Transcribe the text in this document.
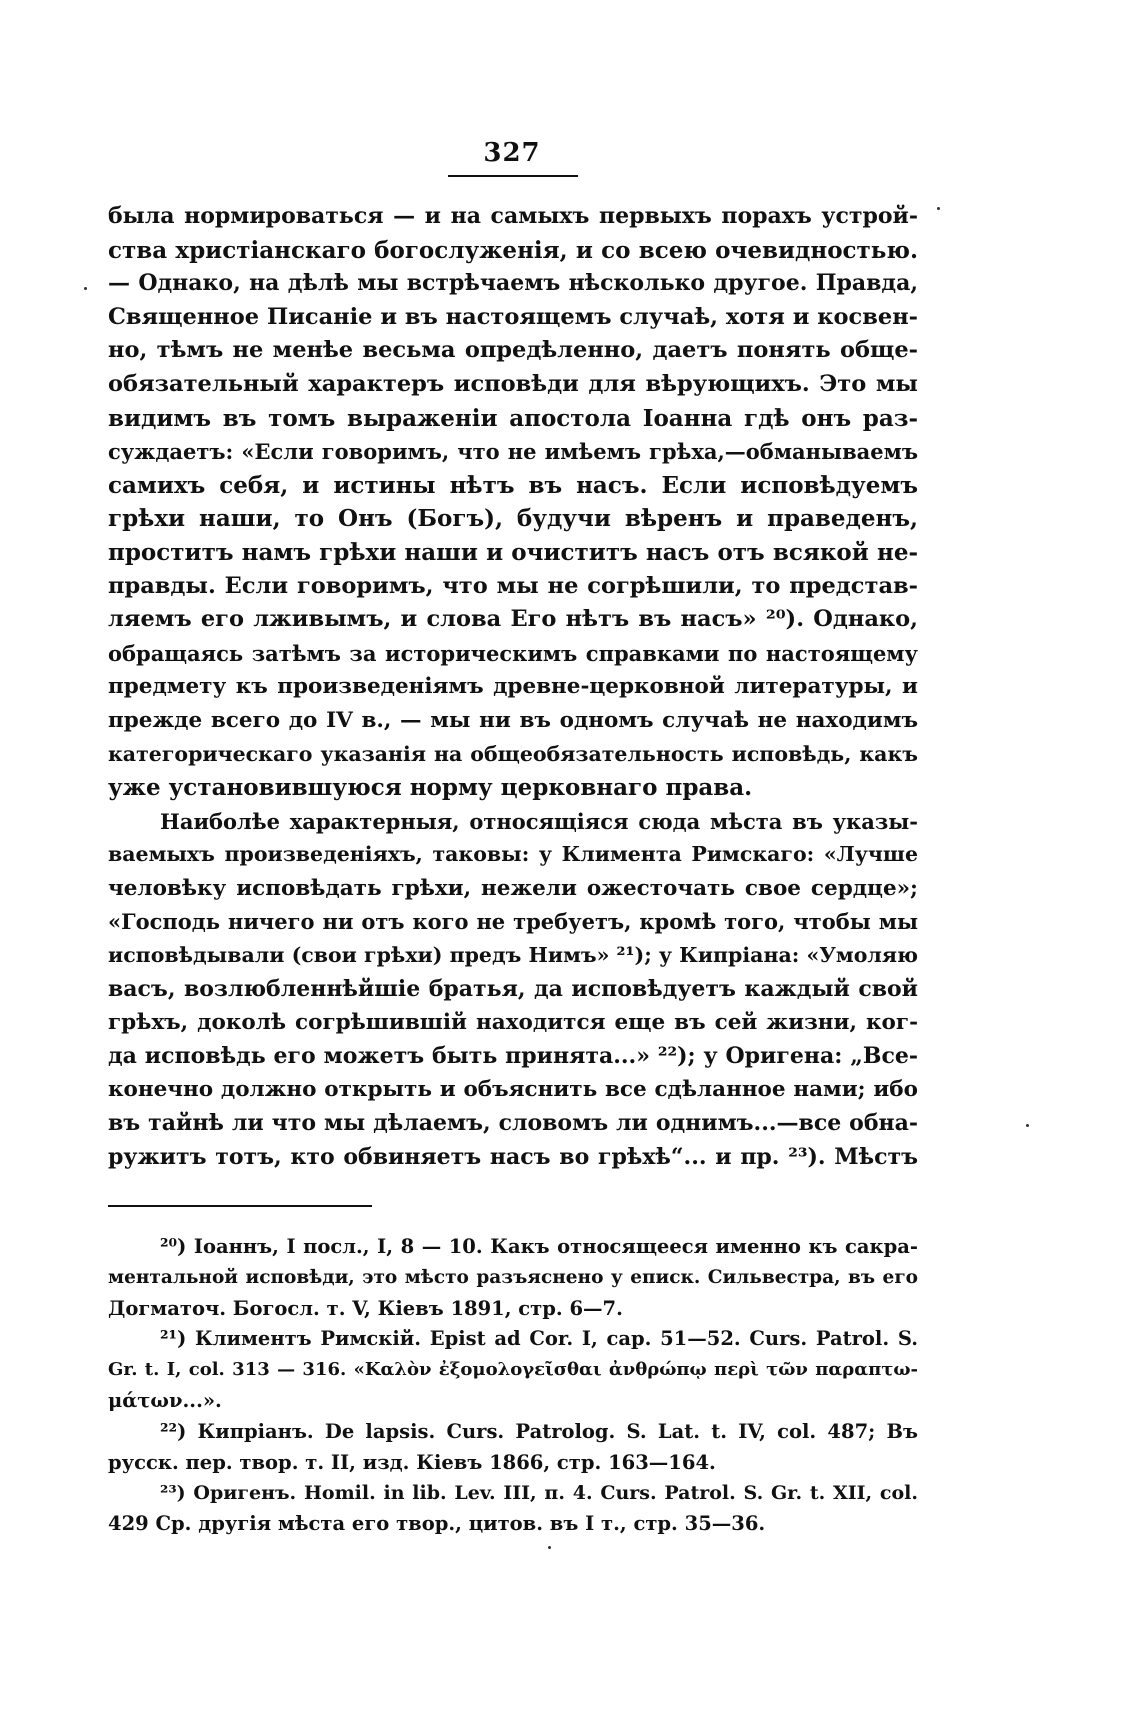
327
была нормироваться — и на самыхъ первыхъ порахъ устрой-
ства христіанскаго богослуженія, и со всею очевидностью.
— Однако, на дѣлѣ мы встрѣчаемъ нѣсколько другое. Правда,
Священное Писаніе и въ настоящемъ случаѣ, хотя и косвен-
но, тѣмъ не менѣе весьма опредѣленно, даетъ понять обще-
обязательный характеръ исповѣди для вѣрующихъ. Это мы
видимъ въ томъ выраженіи апостола Іоанна гдѣ онъ раз-
суждаетъ: «Если говоримъ, что не имѣемъ грѣха,—обманываемъ
самихъ себя, и истины нѣтъ въ насъ. Если исповѣдуемъ
грѣхи наши, то Онъ (Богъ), будучи вѣренъ и праведенъ,
проститъ намъ грѣхи наши и очиститъ насъ отъ всякой не-
правды. Если говоримъ, что мы не согрѣшили, то представ-
ляемъ его лживымъ, и слова Его нѣтъ въ насъ» ²⁰). Однако,
обращаясь затѣмъ за историческимъ справками по настоящему
предмету къ произведеніямъ древне-церковной литературы, и
прежде всего до IV в., — мы ни въ одномъ случаѣ не находимъ
категорическаго указанія на общеобязательность исповѣдь, какъ
уже установившуюся норму церковнаго права.
Наиболѣе характерныя, относящіяся сюда мѣста въ указы-
ваемыхъ произведеніяхъ, таковы: у Климента Римскаго: «Лучше
человѣку исповѣдать грѣхи, нежели ожесточать свое сердце»;
«Господь ничего ни отъ кого не требуетъ, кромѣ того, чтобы мы
исповѣдывали (свои грѣхи) предъ Нимъ» ²¹); у Кипріана: «Умоляю
васъ, возлюбленнѣйшіе братья, да исповѣдуетъ каждый свой
грѣхъ, доколѣ согрѣшившій находится еще въ сей жизни, ког-
да исповѣдь его можетъ быть принята...» ²²); у Оригена: „Все-
конечно должно открыть и объяснить все сдѣланное нами; ибо
въ тайнѣ ли что мы дѣлаемъ, словомъ ли однимъ...—все обна-
ружитъ тотъ, кто обвиняетъ насъ во грѣхѣ“... и пр. ²³). Мѣстъ
²⁰) Іоаннъ, I посл., I, 8 — 10. Какъ относящееся именно къ сакра-
ментальной исповѣди, это мѣсто разъяснено у еписк. Сильвестра, въ его
Догматоч. Богосл. т. V, Кіевъ 1891, стр. 6—7.
²¹) Климентъ Римскій. Epist ad Cor. I, cap. 51—52. Curs. Patrol. S.
Gr. t. I, col. 313 — 316. «Καλὸν ἐξομολογεῖσθαι ἀνθρώπῳ περὶ τῶν παραπτω-
μάτων...».
²²) Кипріанъ. De lapsis. Curs. Patrolog. S. Lat. t. IV, col. 487; Въ
русск. пер. твор. т. II, изд. Кіевъ 1866, стр. 163—164.
²³) Оригенъ. Homil. in lib. Lev. III, п. 4. Curs. Patrol. S. Gr. t. XII, col.
429 Ср. другія мѣста его твор., цитов. въ I т., стр. 35—36.
